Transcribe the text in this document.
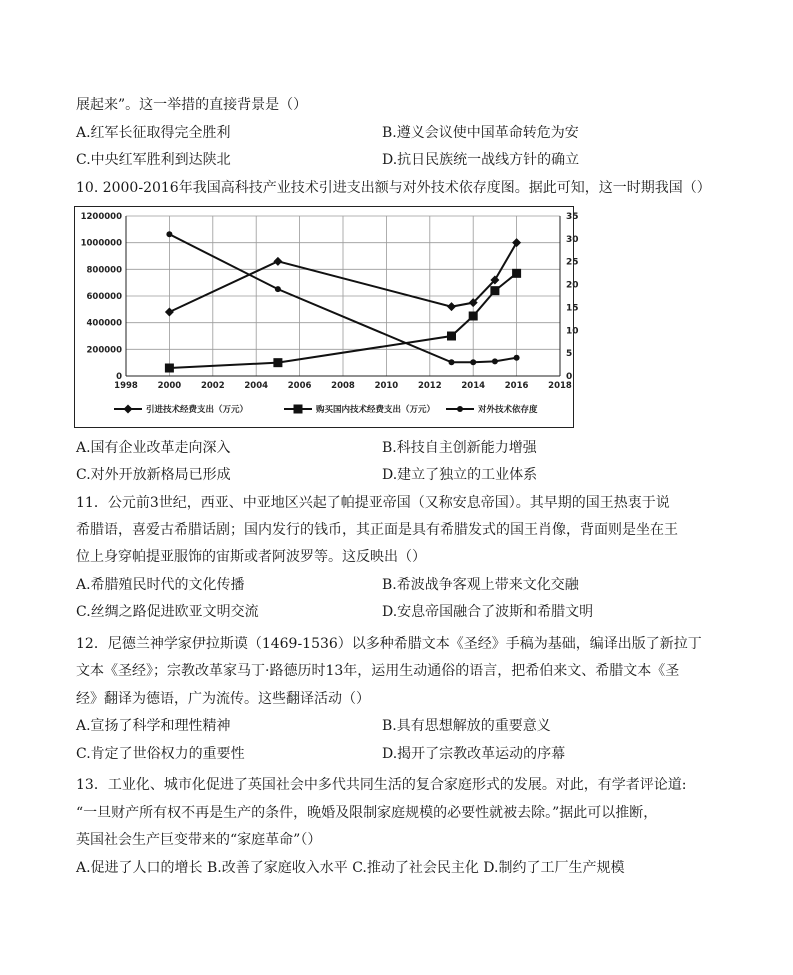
展起来”。这一举措的直接背景是（）
A.红军长征取得完全胜利	B.遵义会议使中国革命转危为安
C.中央红军胜利到达陕北	D.抗日民族统一战线方针的确立
10. 2000-2016年我国高科技产业技术引进支出额与对外技术依存度图。据此可知，这一时期我国（）
1998 2000 2002 2004 2006 2008 2010 2012 2014 2016 2018
0
200000
400000
600000
800000
1000000
1200000
0
5
10
15
20
25
30
35
引进技术经费支出（万元）	购买国内技术经费支出（万元）	对外技术依存度
A.国有企业改革走向深入	B.科技自主创新能力增强
C.对外开放新格局已形成	D.建立了独立的工业体系
11．公元前3世纪，西亚、中亚地区兴起了帕提亚帝国（又称安息帝国）。其早期的国王热衷于说
希腊语，喜爱古希腊话剧；国内发行的钱币，其正面是具有希腊发式的国王肖像，背面则是坐在王
位上身穿帕提亚服饰的宙斯或者阿波罗等。这反映出（）
A.希腊殖民时代的文化传播	B.希波战争客观上带来文化交融
C.丝绸之路促进欧亚文明交流	D.安息帝国融合了波斯和希腊文明
12．尼德兰神学家伊拉斯谟（1469-1536）以多种希腊文本《圣经》手稿为基础，编译出版了新拉丁
文本《圣经》；宗教改革家马丁·路德历时13年，运用生动通俗的语言，把希伯来文、希腊文本《圣
经》翻译为德语，广为流传。这些翻译活动（）
A.宣扬了科学和理性精神	B.具有思想解放的重要意义
C.肯定了世俗权力的重要性	D.揭开了宗教改革运动的序幕
13．工业化、城市化促进了英国社会中多代共同生活的复合家庭形式的发展。对此，有学者评论道:
“一旦财产所有权不再是生产的条件，晚婚及限制家庭规模的必要性就被去除。”据此可以推断，
英国社会生产巨变带来的“家庭革命”（）
A.促进了人口的增长 B.改善了家庭收入水平 C.推动了社会民主化 D.制约了工厂生产规模
